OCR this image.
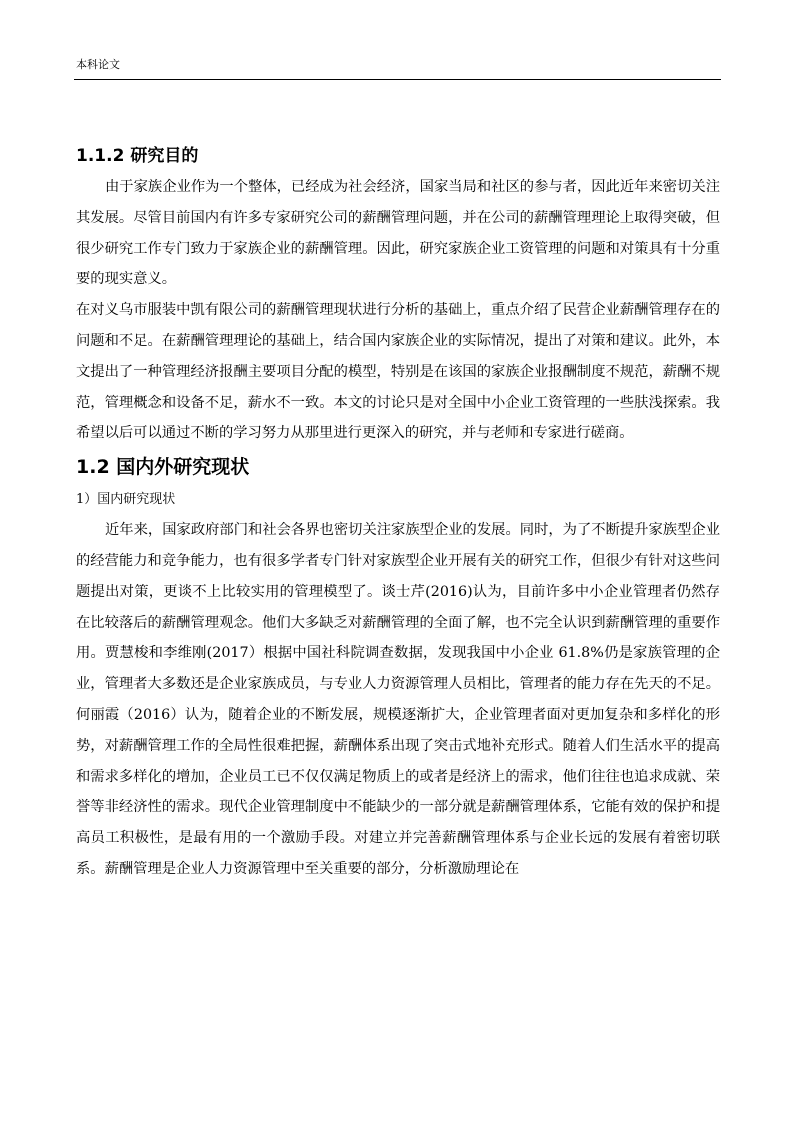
本科论文
1.1.2 研究目的

由于家族企业作为一个整体，已经成为社会经济，国家当局和社区的参与者，因此近年来密切关注其发展。尽管目前国内有许多专家研究公司的薪酬管理问题，并在公司的薪酬管理理论上取得突破，但很少研究工作专门致力于家族企业的薪酬管理。因此，研究家族企业工资管理的问题和对策具有十分重要的现实意义。

在对义乌市服装中凯有限公司的薪酬管理现状进行分析的基础上，重点介绍了民营企业薪酬管理存在的问题和不足。在薪酬管理理论的基础上，结合国内家族企业的实际情况，提出了对策和建议。此外，本文提出了一种管理经济报酬主要项目分配的模型，特别是在该国的家族企业报酬制度不规范，薪酬不规范，管理概念和设备不足，薪水不一致。本文的讨论只是对全国中小企业工资管理的一些肤浅探索。我希望以后可以通过不断的学习努力从那里进行更深入的研究，并与老师和专家进行磋商。

1.2 国内外研究现状
1）国内研究现状

近年来，国家政府部门和社会各界也密切关注家族型企业的发展。同时，为了不断提升家族型企业的经营能力和竞争能力，也有很多学者专门针对家族型企业开展有关的研究工作，但很少有针对这些问题提出对策，更谈不上比较实用的管理模型了。谈士芹(2016)认为，目前许多中小企业管理者仍然存在比较落后的薪酬管理观念。他们大多缺乏对薪酬管理的全面了解，也不完全认识到薪酬管理的重要作用。贾慧梭和李维刚(2017）根据中国社科院调查数据，发现我国中小企业 61.8%仍是家族管理的企业，管理者大多数还是企业家族成员，与专业人力资源管理人员相比，管理者的能力存在先天的不足。何丽霞（2016）认为，随着企业的不断发展，规模逐渐扩大，企业管理者面对更加复杂和多样化的形势，对薪酬管理工作的全局性很难把握，薪酬体系出现了突击式地补充形式。随着人们生活水平的提高和需求多样化的增加，企业员工已不仅仅满足物质上的或者是经济上的需求，他们往往也追求成就、荣誉等非经济性的需求。现代企业管理制度中不能缺少的一部分就是薪酬管理体系，它能有效的保护和提高员工积极性，是最有用的一个激励手段。对建立并完善薪酬管理体系与企业长远的发展有着密切联系。薪酬管理是企业人力资源管理中至关重要的部分，分析激励理论在
